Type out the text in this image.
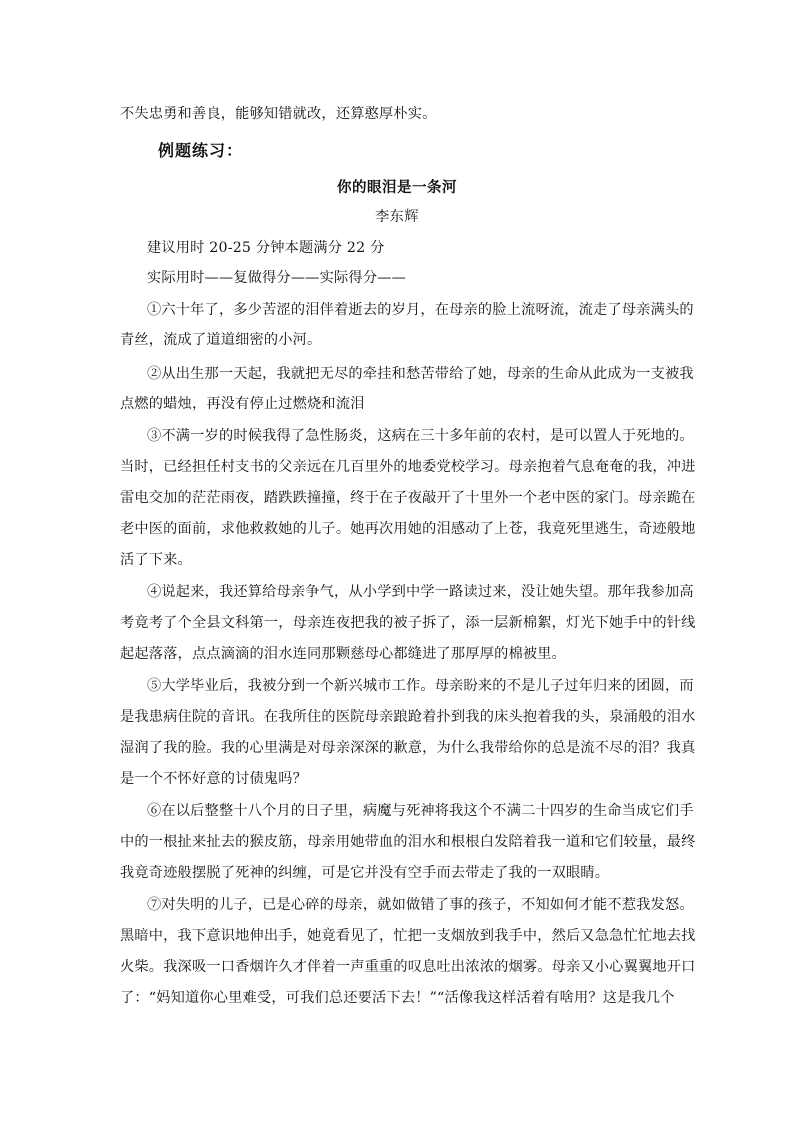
不失忠勇和善良，能够知错就改，还算憨厚朴实。
例题练习：
你的眼泪是一条河
李东辉
建议用时 20-25 分钟本题满分 22 分
实际用时——复做得分——实际得分——
①六十年了，多少苦涩的泪伴着逝去的岁月，在母亲的脸上流呀流，流走了母亲满头的
青丝，流成了道道细密的小河。
②从出生那一天起，我就把无尽的牵挂和愁苦带给了她，母亲的生命从此成为一支被我
点燃的蜡烛，再没有停止过燃烧和流泪
③不满一岁的时候我得了急性肠炎，这病在三十多年前的农村，是可以置人于死地的。
当时，已经担任村支书的父亲远在几百里外的地委党校学习。母亲抱着气息奄奄的我，冲进
雷电交加的茫茫雨夜，踏跌跌撞撞，终于在子夜敲开了十里外一个老中医的家门。母亲跪在
老中医的面前，求他救救她的儿子。她再次用她的泪感动了上苍，我竟死里逃生，奇迹般地
活了下来。
④说起来，我还算给母亲争气，从小学到中学一路读过来，没让她失望。那年我参加高
考竟考了个全县文科第一，母亲连夜把我的被子拆了，添一层新棉絮，灯光下她手中的针线
起起落落，点点滴滴的泪水连同那颗慈母心都缝进了那厚厚的棉被里。
⑤大学毕业后，我被分到一个新兴城市工作。母亲盼来的不是儿子过年归来的团圆，而
是我患病住院的音讯。在我所住的医院母亲踉跄着扑到我的床头抱着我的头，泉涌般的泪水
湿润了我的脸。我的心里满是对母亲深深的歉意，为什么我带给你的总是流不尽的泪？我真
是一个不怀好意的讨债鬼吗？
⑥在以后整整十八个月的日子里，病魔与死神将我这个不满二十四岁的生命当成它们手
中的一根扯来扯去的猴皮筋，母亲用她带血的泪水和根根白发陪着我一道和它们较量，最终
我竟奇迹般摆脱了死神的纠缠，可是它并没有空手而去带走了我的一双眼睛。
⑦对失明的儿子，已是心碎的母亲，就如做错了事的孩子，不知如何才能不惹我发怒。
黑暗中，我下意识地伸出手，她竟看见了，忙把一支烟放到我手中，然后又急急忙忙地去找
火柴。我深吸一口香烟许久才伴着一声重重的叹息吐出浓浓的烟雾。母亲又小心翼翼地开口
了：“妈知道你心里难受，可我们总还要活下去！”“活像我这样活着有啥用？这是我几个
